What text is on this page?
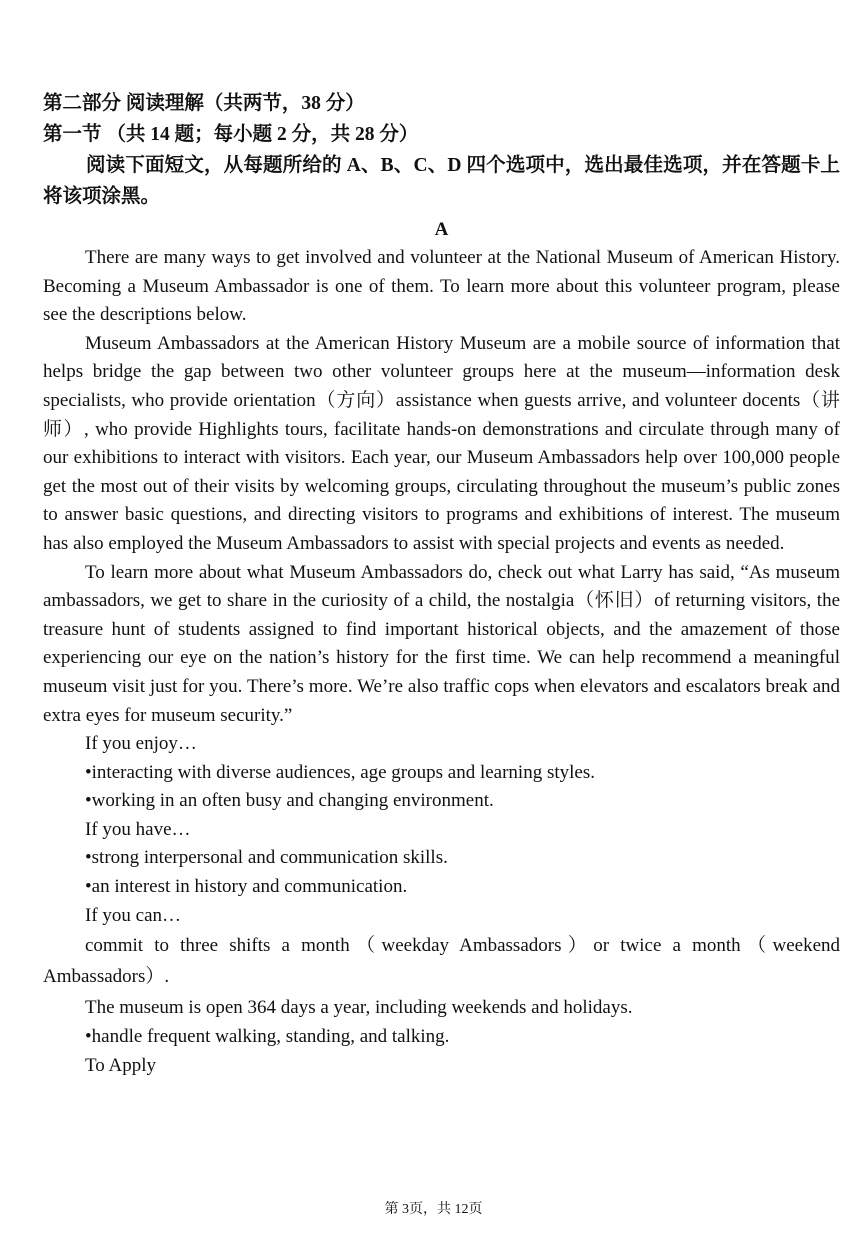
第二部分 阅读理解（共两节，38 分）

第一节 （共 14 题；每小题 2 分，共 28 分）

阅读下面短文，从每题所给的 A、B、C、D 四个选项中，选出最佳选项，并在答题卡上将该项涂黑。

A

There are many ways to get involved and volunteer at the National Museum of American History. Becoming a Museum Ambassador is one of them. To learn more about this volunteer program, please see the descriptions below.

Museum Ambassadors at the American History Museum are a mobile source of information that helps bridge the gap between two other volunteer groups here at the museum—information desk specialists, who provide orientation（方向）assistance when guests arrive, and volunteer docents（讲师）, who provide Highlights tours, facilitate hands-on demonstrations and circulate through many of our exhibitions to interact with visitors. Each year, our Museum Ambassadors help over 100,000 people get the most out of their visits by welcoming groups, circulating throughout the museum’s public zones to answer basic questions, and directing visitors to programs and exhibitions of interest. The museum has also employed the Museum Ambassadors to assist with special projects and events as needed.

To learn more about what Museum Ambassadors do, check out what Larry has said, “As museum ambassadors, we get to share in the curiosity of a child, the nostalgia（怀旧）of returning visitors, the treasure hunt of students assigned to find important historical objects, and the amazement of those experiencing our eye on the nation’s history for the first time. We can help recommend a meaningful museum visit just for you. There’s more. We’re also traffic cops when elevators and escalators break and extra eyes for museum security.”

If you enjoy…

•interacting with diverse audiences, age groups and learning styles.

•working in an often busy and changing environment.

If you have…

•strong interpersonal and communication skills.

•an interest in history and communication.

If you can…

commit to three shifts a month（weekday Ambassadors）or twice a month（weekend Ambassadors）.

The museum is open 364 days a year, including weekends and holidays.

•handle frequent walking, standing, and talking.

To Apply

第 3页，共 12页
